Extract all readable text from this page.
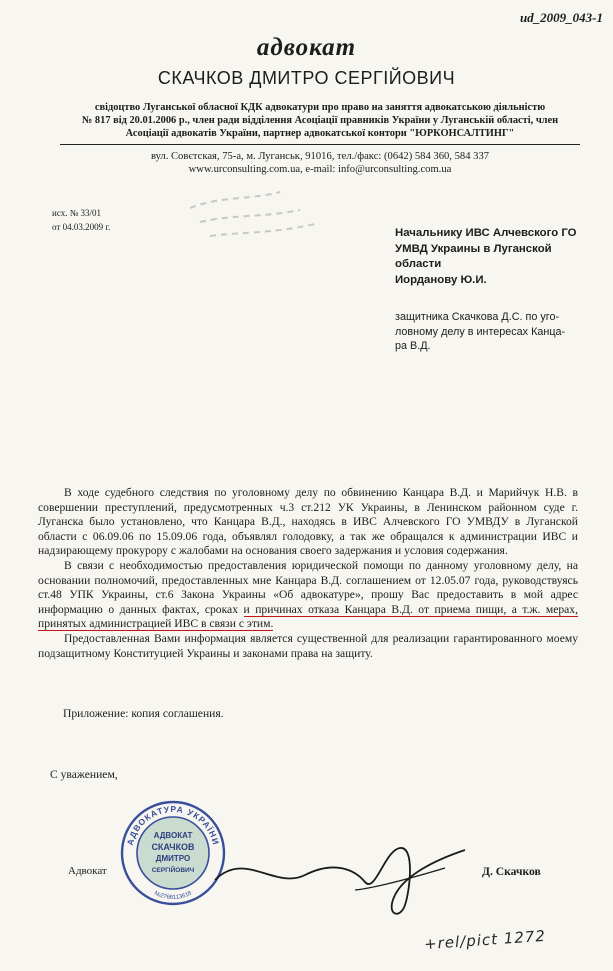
ud_2009_043-1
адвокат
СКАЧКОВ ДМИТРО СЕРГІЙОВИЧ
свідоцтво Луганської обласної КДК адвокатури про право на заняття адвокатською діяльністю
№ 817 від 20.01.2006 р., член ради відділення Асоціації правників України у Луганській області, член
Асоціації адвокатів України, партнер адвокатської контори "ЮРКОНСАЛТИНГ"
вул. Совєтская, 75-а, м. Луганськ, 91016, тел./факс: (0642) 584 360, 584 337
www.urconsulting.com.ua, e-mail: info@urconsulting.com.ua
исх. № 33/01
от 04.03.2009 г.	Начальнику ИВС Алчевского ГО
УМВД Украины в Луганской
области
Иорданову Ю.И.
защитника Скачкова Д.С. по уго-
ловному делу в интересах Канца-
ра В.Д.

В ходе судебного следствия по уголовному делу по обвинению Канцара В.Д. и Марийчук Н.В. в совершении преступлений, предусмотренных ч.3 ст.212 УК Украины, в Ленинском районном суде г. Луганска было установлено, что Канцара В.Д., находясь в ИВС Алчевского ГО УМВДУ в Луганской области с 06.09.06 по 15.09.06 года, объявлял голодовку, а так же обращался к администрации ИВС и надзирающему прокурору с жалобами на основания своего задержания и условия содержания.

В связи с необходимостью предоставления юридической помощи по данному уголовному делу, на основании полномочий, предоставленных мне Канцара В.Д. соглашением от 12.05.07 года, руководствуясь ст.48 УПК Украины, ст.6 Закона Украины «Об адвокатуре», прошу Вас предоставить в мой адрес информацию о данных фактах, сроках и причинах отказа Канцара В.Д. от приема пищи, а т.ж. мерах, принятых администрацией ИВС в связи с этим.

Предоставленная Вами информация является существенной для реализации гарантированного моему подзащитному Конституцией Украины и законами права на защиту.

Приложение: копия соглашения.
С уважением,
Адвокат
АДВОКАТУРА УКРАЇНИ
№2766113618
АДВОКАТ
СКАЧКОВ
ДМИТРО
СЕРГІЙОВИЧ	Д. Скачков
+rel/pict 1272
